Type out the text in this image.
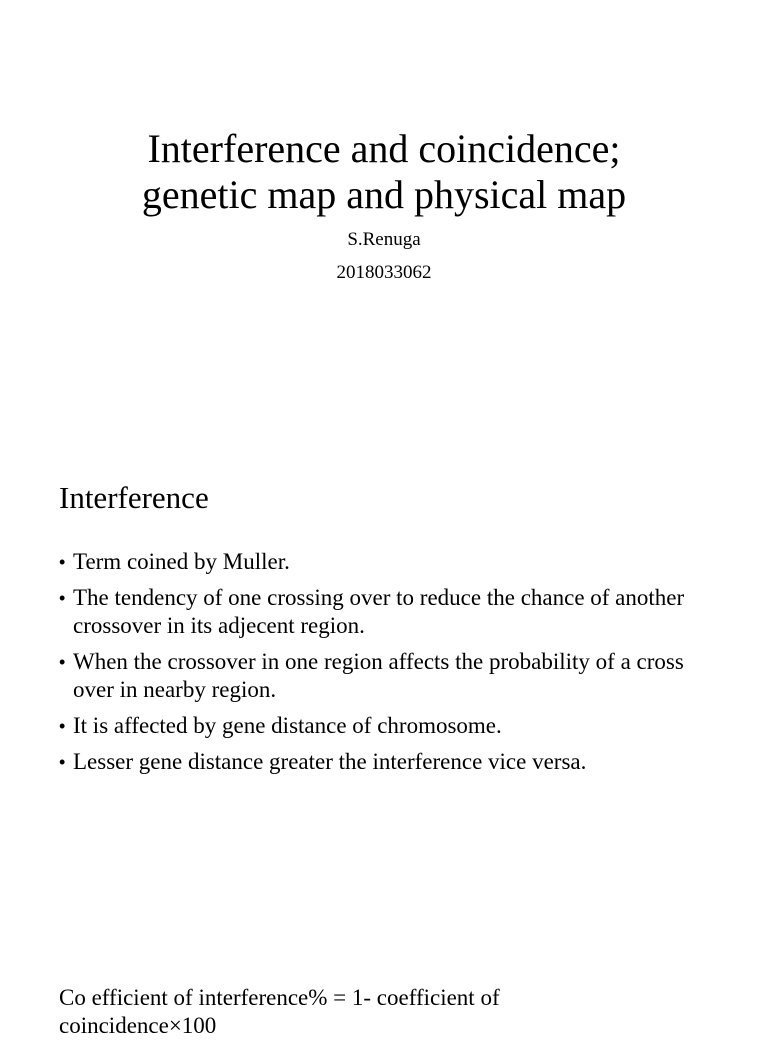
Interference and coincidence;
genetic map and physical map
S.Renuga
2018033062
Interference
• Term coined by Muller.
• The tendency of one crossing over to reduce the chance of another crossover in its adjecent region.
• When the crossover in one region affects the probability of a cross over in nearby region.
• It is affected by gene distance of chromosome.
• Lesser gene distance greater the interference vice versa.

Co efficient of interference% = 1- coefficient of coincidence×100
